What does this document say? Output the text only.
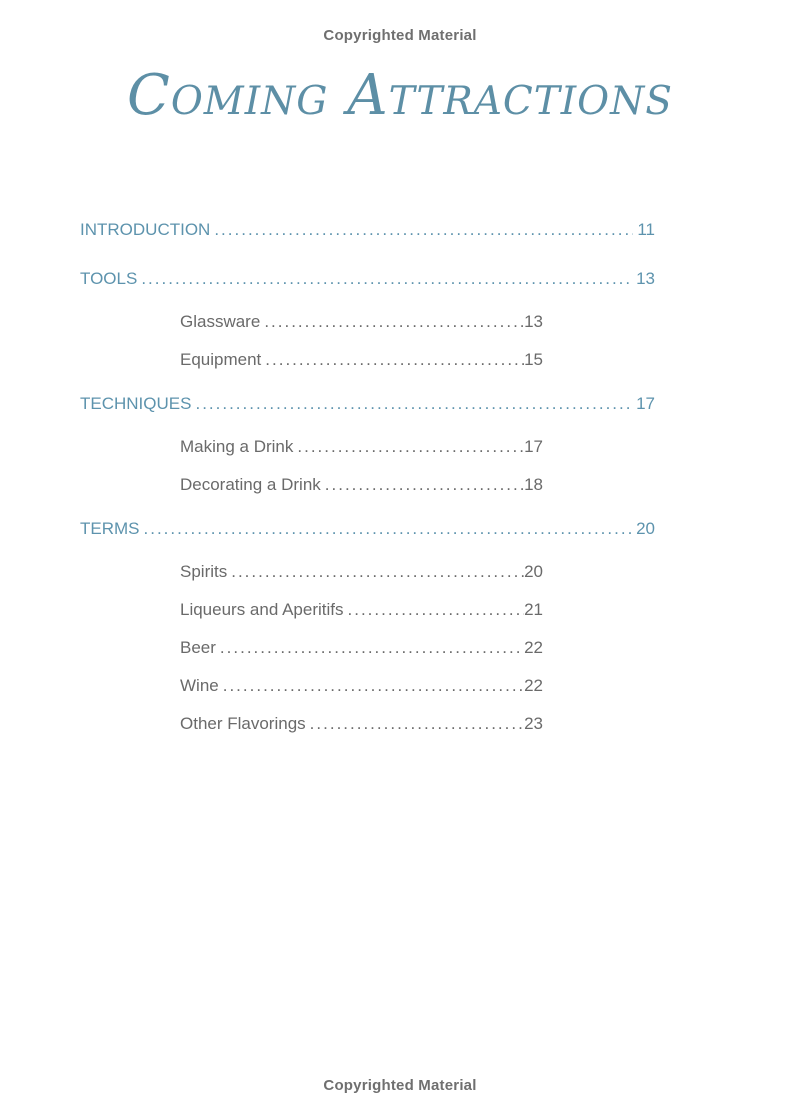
Copyrighted Material
Coming Attractions
INTRODUCTION .....	11
TOOLS .....	13
Glassware .....	13
Equipment .....	15
TECHNIQUES .....	17
Making a Drink .....	17
Decorating a Drink .....	18
TERMS .....	20
Spirits .....	20
Liqueurs and Aperitifs .....	21
Beer .....	22
Wine .....	22
Other Flavorings .....	23
Copyrighted Material
